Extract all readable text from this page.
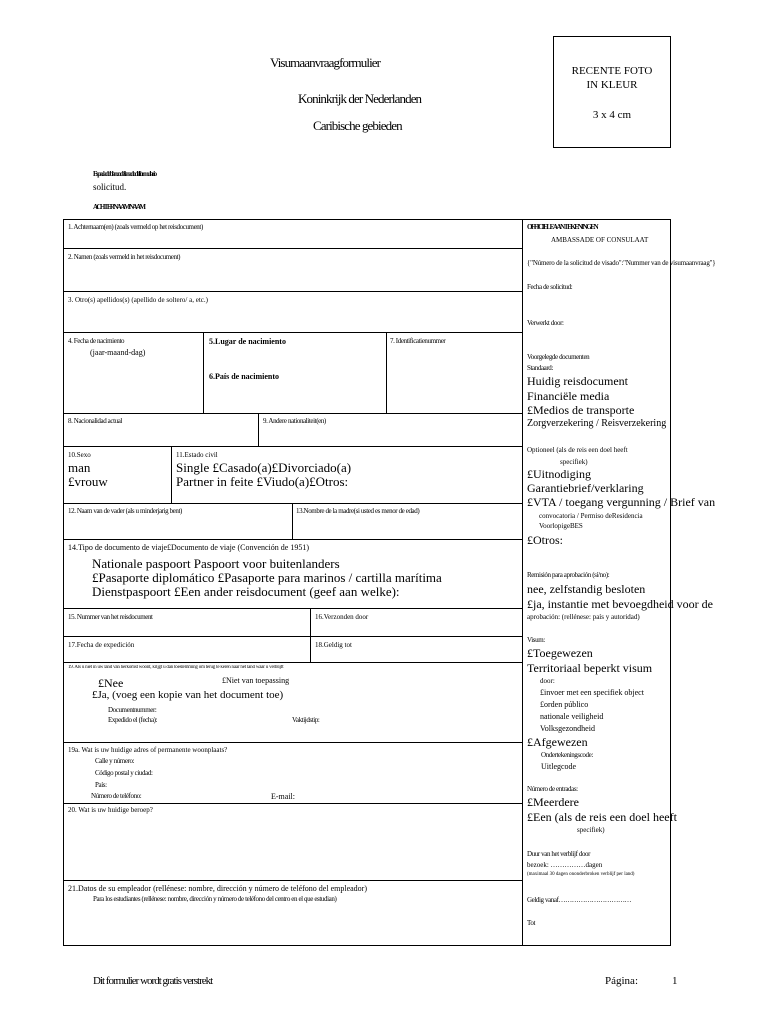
Visumaanvraagformulier
Koninkrijk der Nederlanden
Caribische gebieden
RECENTE FOTO
IN KLEUR
3 x 4 cm
Espaciado blanco de llenado del formulario
solicitud.
ACHTERNAAM/NAAM
1. Achternaam(en) (zoals vermeld op het reisdocument)
2. Namen (zoals vermeld in het reisdocument)
3. Otro(s) apellidos(s) (apellido de soltero/ a, etc.)
4. Fecha de nacimiento
(jaar-maand-dag)
5.Lugar de nacimiento
6.País de nacimiento
7. Identificatienummer
8. Nacionalidad actual	9. Andere nationaliteit(en)
10.Sexo
man
£vrouw
11.Estado civil
Single £Casado(a)£Divorciado(a)
Partner in feite £Viudo(a)£Otros:
12. Naam van de vader (als u minderjarig bent)	13.Nombre de la madre(si usted es menor de edad)
14.Tipo de documento de viaje£Documento de viaje (Convención de 1951)
Nationale paspoort Paspoort voor buitenlanders
£Pasaporte diplomático £Pasaporte para marinos / cartilla marítima
Dienstpaspoort £Een ander reisdocument (geef aan welke):
15. Nummer van het reisdocument	16.Verzonden door
17.Fecha de expedición	18.Geldig tot
19. Als u niet in uw land van herkomst woont, krijgt u dan toestemming om terug te keren naar het land waar u verblijft
£Nee	£Niet van toepassing
£Ja, (voeg een kopie van het document toe)
Documentnummer:
Expedido el (fecha):	Vaktijdstip:
19a. Wat is uw huidige adres of permanente woonplaats?
Calle y número:
Código postal y ciudad:
País:
Número de teléfono:	E-mail:
20. Wat is uw huidige beroep?
21.Datos de su empleador (rellénese: nombre, dirección y número de teléfono del empleador)
Para los estudiantes (rellénese: nombre, dirección y número de teléfono del centro en el que estudian)
OFFICIELE AANTEKENINGEN
AMBASSADE OF CONSULAAT
{"Número de la solicitud de visado":"Nummer van de visumaanvraag"}
Fecha de solicitud:
Verwerkt door:
Voorgelegde documenten
Standaard:
Huidig reisdocument
Financiële media
£Medios de transporte
Zorgverzekering / Reisverzekering
Optioneel (als de reis een doel heeft
specifiek)
£Uitnodiging
Garantiebrief/verklaring
£VTA / toegang vergunning / Brief van
convocatoria / Permiso deResidencia
VoorlopigeBES
£Otros:
Remisión para aprobación (sí/no):
nee, zelfstandig besloten
£ja, instantie met bevoegdheid voor de
aprobación: (rellénese: país y autoridad)
Visum:
£Toegewezen
Territoriaal beperkt visum
door:
£invoer met een specifiek object
£orden público
nationale veiligheid
Volksgezondheid
£Afgewezen
Ondertekeningscode:
Uitlegcode
Número de entradas:
£Meerdere
£Een (als de reis een doel heeft
specifiek)
Duur van het verblijf door
bezoek: ……………dagen
(maximaal 30 dagen ononderbroken verblijf per land)
Geldig vanaf……………………………
Tot
Dit formulier wordt gratis verstrekt	Página:	1
